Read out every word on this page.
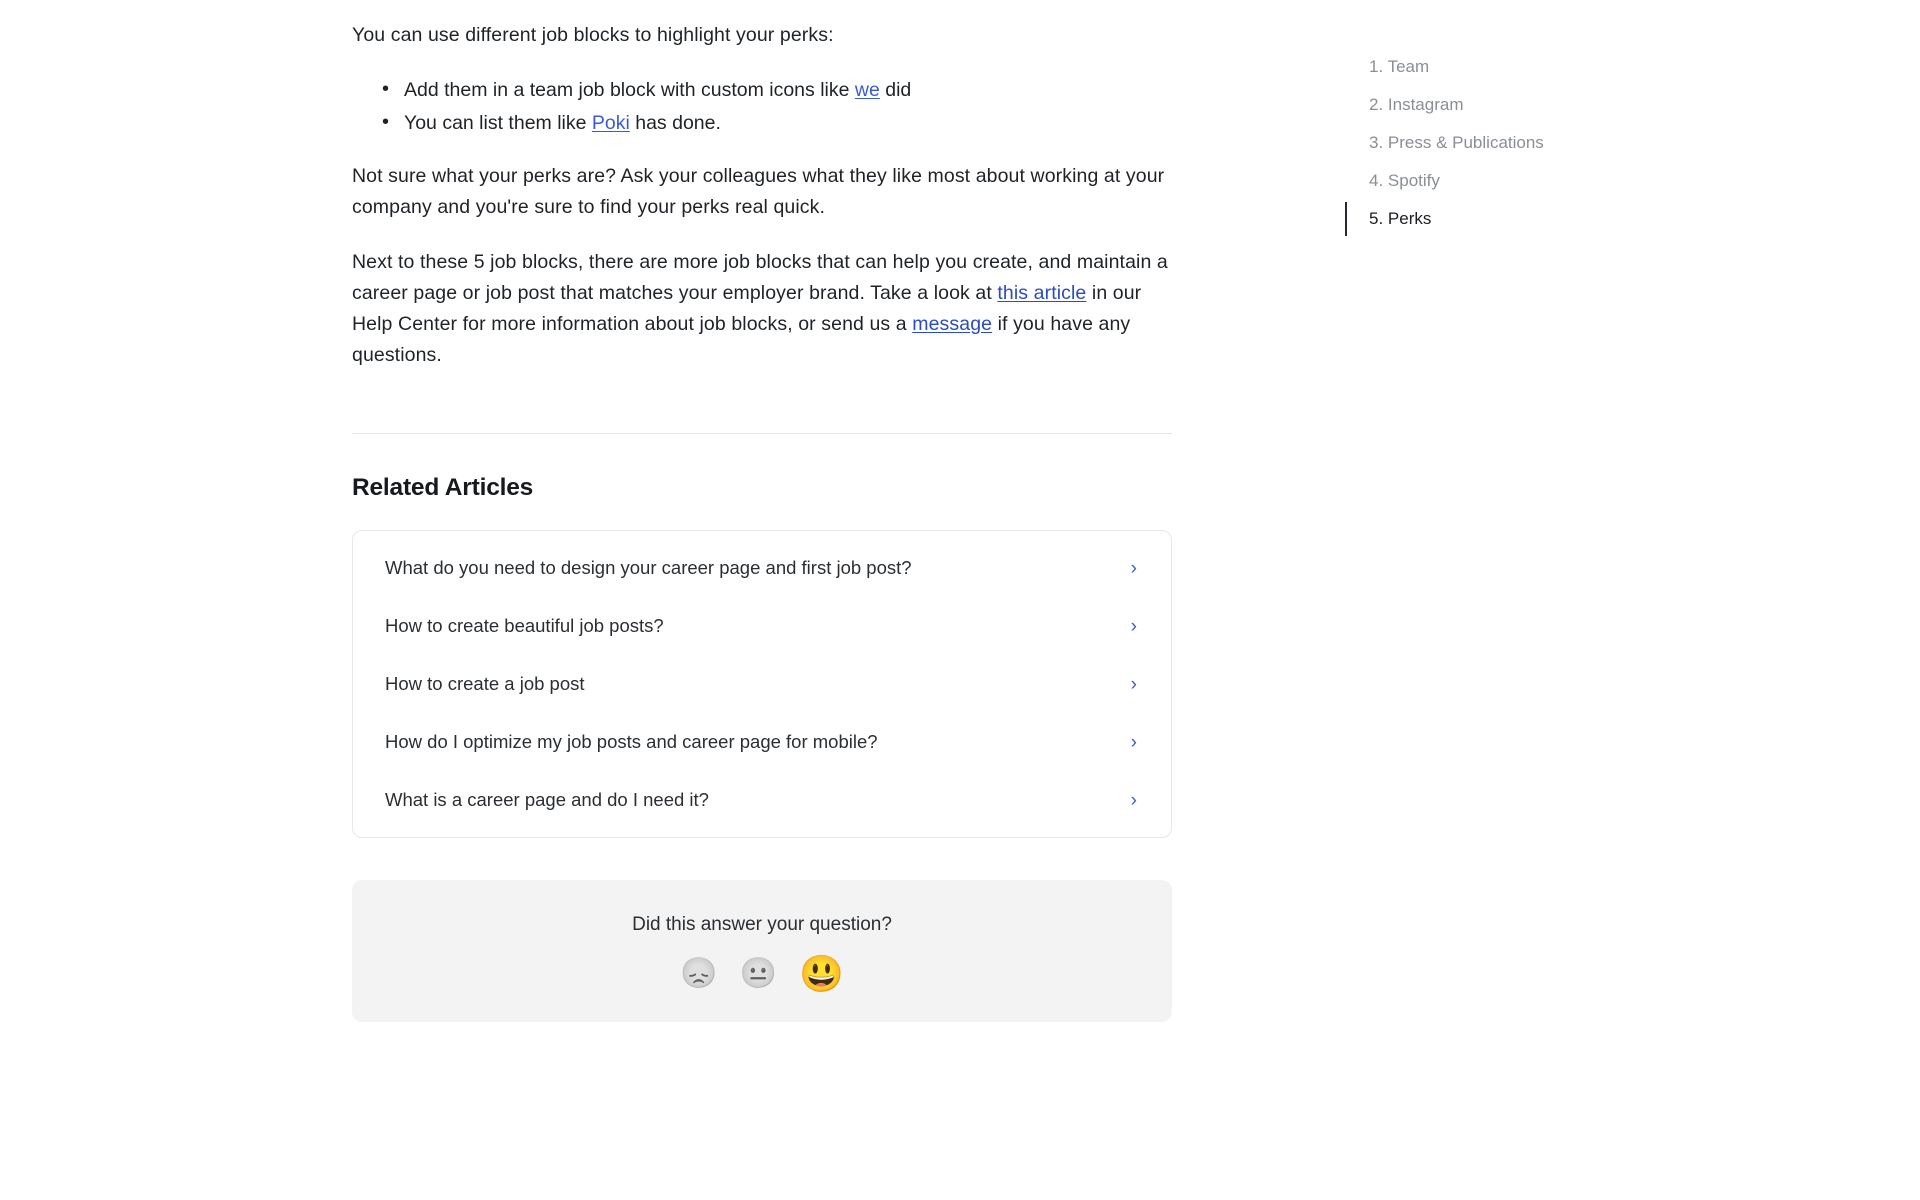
You can use different job blocks to highlight your perks:

• Add them in a team job block with custom icons like we did
• You can list them like Poki has done.

Not sure what your perks are? Ask your colleagues what they like most about working at your company and you're sure to find your perks real quick.

Next to these 5 job blocks, there are more job blocks that can help you create, and maintain a career page or job post that matches your employer brand. Take a look at this article in our Help Center for more information about job blocks, or send us a message if you have any questions.

Related Articles
What do you need to design your career page and first job post?	›
How to create beautiful job posts?	›
How to create a job post	›
How do I optimize my job posts and career page for mobile?	›
What is a career page and do I need it?	›
Did this answer your question?
😞 😐 😃
1. Team
2. Instagram
3. Press & Publications
4. Spotify
5. Perks
